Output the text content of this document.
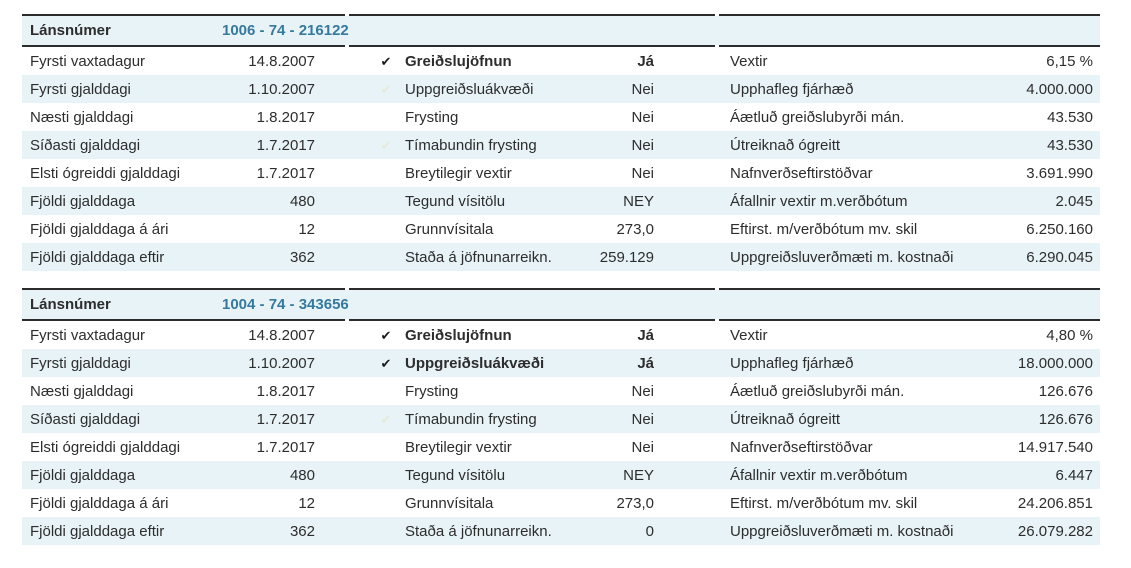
Lánsnúmer	1006 - 74 - 216122
Fyrsti vaxtadagur	14.8.2007	✔ Greiðslujöfnun	Já	Vextir	6,15 %
Fyrsti gjalddagi	1.10.2007	✔ Uppgreiðsluákvæði	Nei	Upphafleg fjárhæð	4.000.000
Næsti gjalddagi	1.8.2017	Frysting	Nei	Áætluð greiðslubyrði mán.	43.530
Síðasti gjalddagi	1.7.2017	✔ Tímabundin frysting	Nei	Útreiknað ógreitt	43.530
Elsti ógreiddi gjalddagi	1.7.2017	Breytilegir vextir	Nei	Nafnverðseftirstöðvar	3.691.990
Fjöldi gjalddaga	480	Tegund vísitölu	NEY	Áfallnir vextir m.verðbótum	2.045
Fjöldi gjalddaga á ári	12	Grunnvísitala	273,0	Eftirst. m/verðbótum mv. skil	6.250.160
Fjöldi gjalddaga eftir	362	Staða á jöfnunarreikn.	259.129	Uppgreiðsluverðmæti m. kostnaði	6.290.045
Lánsnúmer	1004 - 74 - 343656
Fyrsti vaxtadagur	14.8.2007	✔ Greiðslujöfnun	Já	Vextir	4,80 %
Fyrsti gjalddagi	1.10.2007	✔ Uppgreiðsluákvæði	Já	Upphafleg fjárhæð	18.000.000
Næsti gjalddagi	1.8.2017	Frysting	Nei	Áætluð greiðslubyrði mán.	126.676
Síðasti gjalddagi	1.7.2017	✔ Tímabundin frysting	Nei	Útreiknað ógreitt	126.676
Elsti ógreiddi gjalddagi	1.7.2017	Breytilegir vextir	Nei	Nafnverðseftirstöðvar	14.917.540
Fjöldi gjalddaga	480	Tegund vísitölu	NEY	Áfallnir vextir m.verðbótum	6.447
Fjöldi gjalddaga á ári	12	Grunnvísitala	273,0	Eftirst. m/verðbótum mv. skil	24.206.851
Fjöldi gjalddaga eftir	362	Staða á jöfnunarreikn.	0	Uppgreiðsluverðmæti m. kostnaði	26.079.282
